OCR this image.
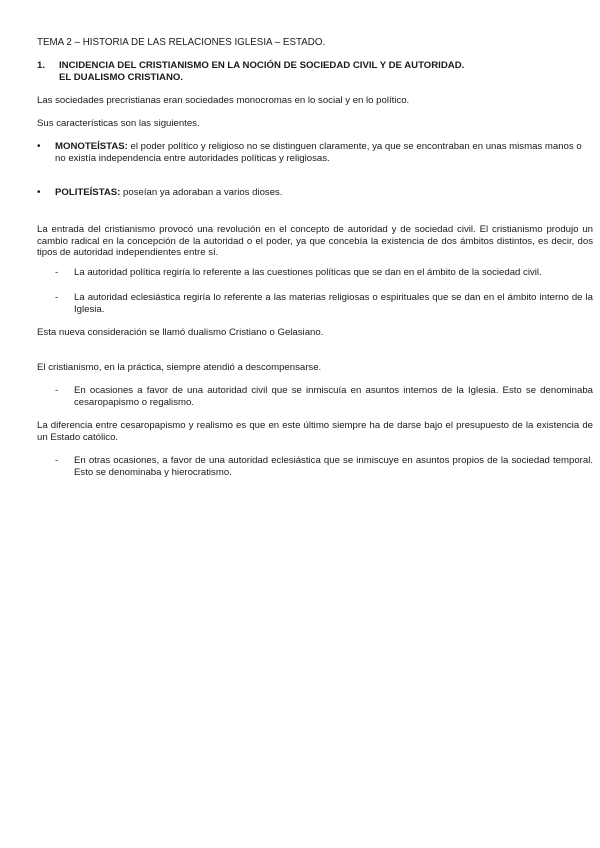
TEMA 2 – HISTORIA DE LAS RELACIONES IGLESIA – ESTADO.
1. INCIDENCIA DEL CRISTIANISMO EN LA NOCIÓN DE SOCIEDAD CIVIL Y DE AUTORIDAD.
EL DUALISMO CRISTIANO.

Las sociedades precristianas eran sociedades monocromas en lo social y en lo político.

Sus características son las siguientes.

• MONOTEÍSTAS: el poder político y religioso no se distinguen claramente, ya que se encontraban en unas mismas manos o no existía independencia entre autoridades políticas y religiosas.
• POLITEÍSTAS: poseían ya adoraban a varios dioses.

La entrada del cristianismo provocó una revolución en el concepto de autoridad y de sociedad civil. El cristianismo produjo un cambio radical en la concepción de la autoridad o el poder, ya que concebía la existencia de dos ámbitos distintos, es decir, dos tipos de autoridad independientes entre sí.

- La autoridad política regiría lo referente a las cuestiones políticas que se dan en el ámbito de la sociedad civil.
- La autoridad eclesiástica regiría lo referente a las materias religiosas o espirituales que se dan en el ámbito interno de la Iglesia.

Esta nueva consideración se llamó dualismo Cristiano o Gelasiano.

El cristianismo, en la práctica, siempre atendió a descompensarse.

- En ocasiones a favor de una autoridad civil que se inmiscuía en asuntos internos de la Iglesia. Esto se denominaba cesaropapismo o regalismo.

La diferencia entre cesaropapismo y realismo es que en este último siempre ha de darse bajo el presupuesto de la existencia de un Estado católico.

- En otras ocasiones, a favor de una autoridad eclesiástica que se inmiscuye en asuntos propios de la sociedad temporal. Esto se denominaba y hierocratismo.
